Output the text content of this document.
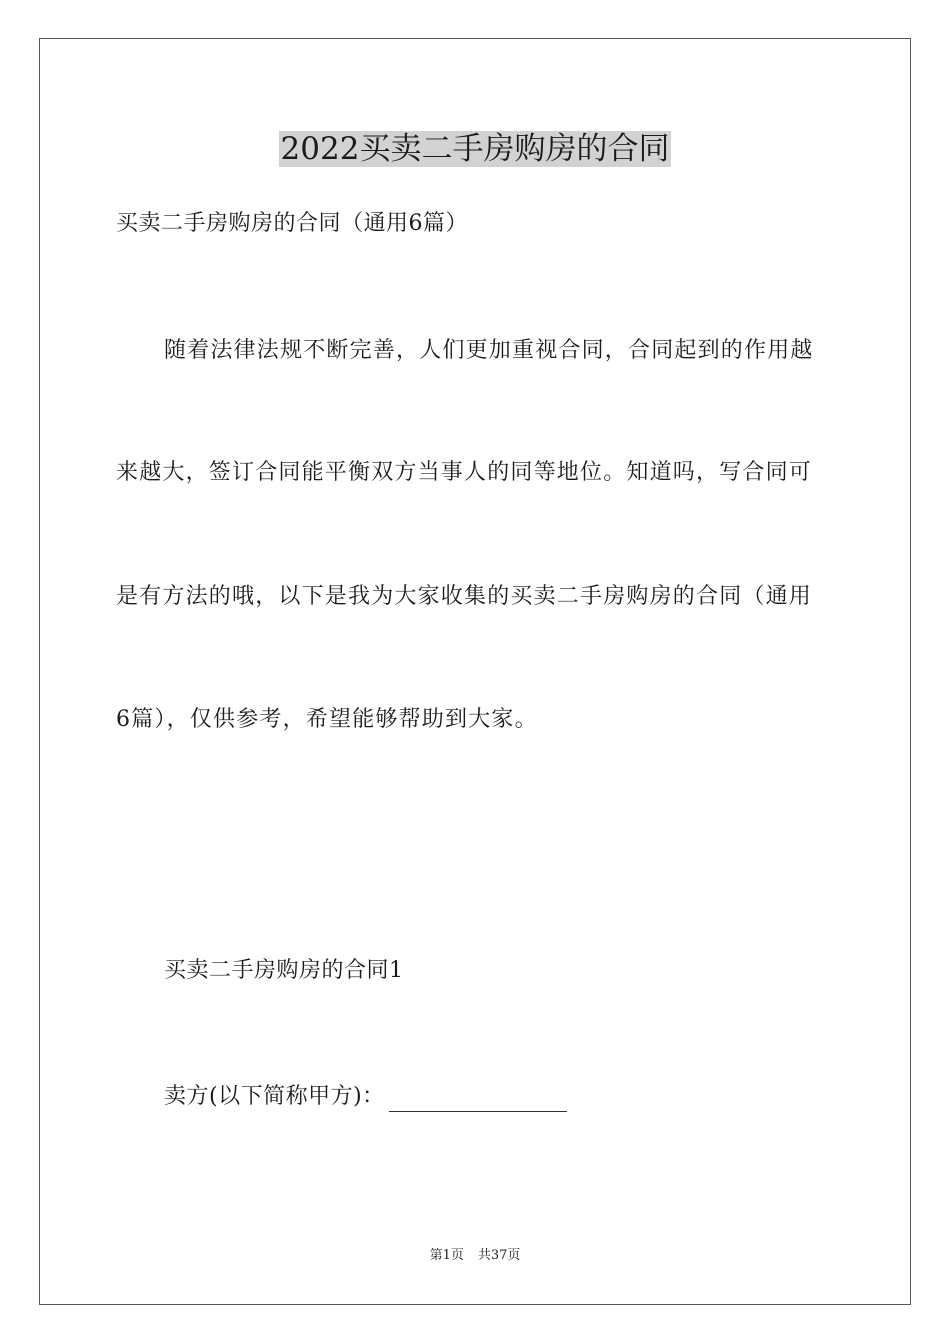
2022买卖二手房购房的合同
买卖二手房购房的合同（通用6篇）
随着法律法规不断完善，人们更加重视合同，合同起到的作用越
来越大，签订合同能平衡双方当事人的同等地位。知道吗，写合同可
是有方法的哦，以下是我为大家收集的买卖二手房购房的合同（通用
6篇），仅供参考，希望能够帮助到大家。
买卖二手房购房的合同1
卖方(以下简称甲方)：
第1页 共37页
